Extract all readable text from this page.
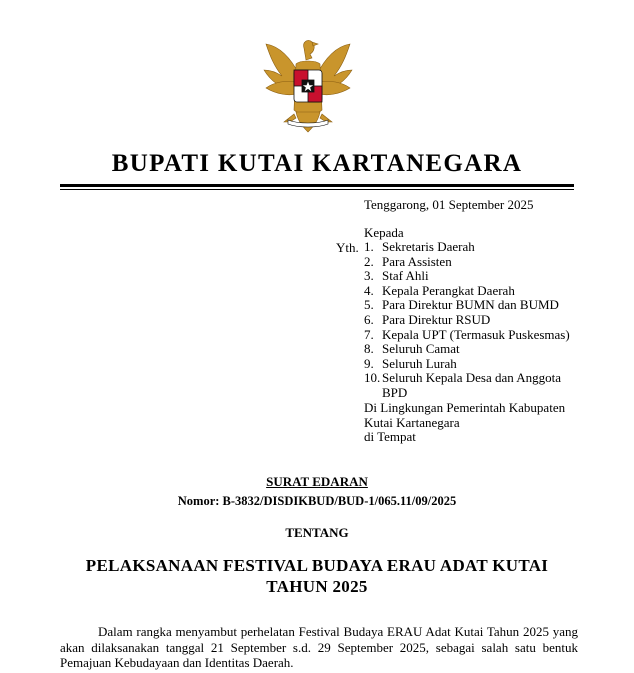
BUPATI KUTAI KARTANEGARA
Tenggarong, 01 September 2025
Kepada
Yth. 1. Sekretaris Daerah
2. Para Assisten
3. Staf Ahli
4. Kepala Perangkat Daerah
5. Para Direktur BUMN dan BUMD
6. Para Direktur RSUD
7. Kepala UPT (Termasuk Puskesmas)
8. Seluruh Camat
9. Seluruh Lurah
10. Seluruh Kepala Desa dan Anggota BPD
Di Lingkungan Pemerintah Kabupaten Kutai Kartanegara
di Tempat
SURAT EDARAN
Nomor: B-3832/DISDIKBUD/BUD-1/065.11/09/2025
TENTANG
PELAKSANAAN FESTIVAL BUDAYA ERAU ADAT KUTAI
TAHUN 2025
Dalam rangka menyambut perhelatan Festival Budaya ERAU Adat Kutai Tahun 2025 yang akan dilaksanakan tanggal 21 September s.d. 29 September 2025, sebagai salah satu bentuk Pemajuan Kebudayaan dan Identitas Daerah.
